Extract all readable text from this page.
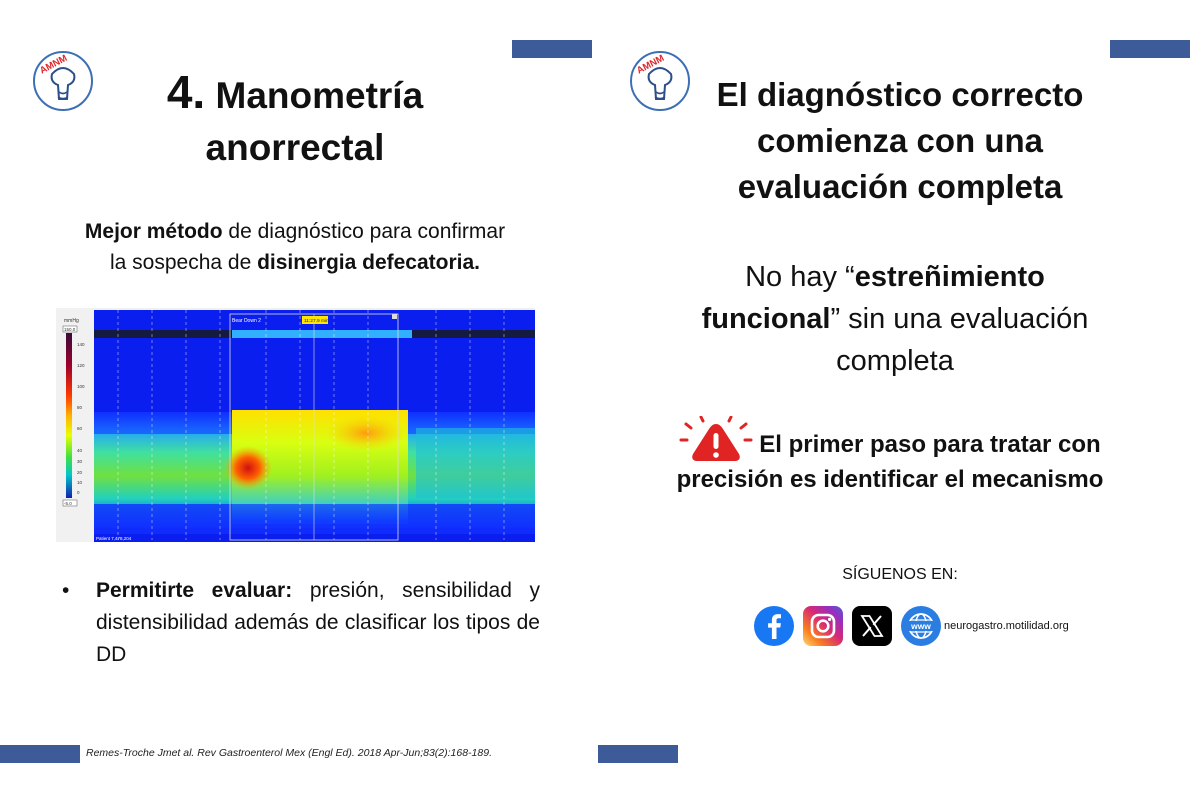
AMNM	AMNM
4. Manometría
anorrectal
Mejor método de diagnóstico para confirmar
la sospecha de disinergia defecatoria.
mmHg
150.0
140
120
100
80
60
40
30
20
10
0
-5.0
Bear Down 2	11:27.9 min
Patient 7,478,204
• Permitirte evaluar: presión, sensibilidad y distensibilidad además de clasificar los tipos de DD
Remes-Troche Jmet al. Rev Gastroenterol Mex (Engl Ed). 2018 Apr-Jun;83(2):168-189.
El diagnóstico correcto
comienza con una
evaluación completa
No hay “estreñimiento
funcional” sin una evaluación
completa
El primer paso para tratar con
precisión es identificar el mecanismo
SÍGUENOS EN:
www neurogastro.motilidad.org
